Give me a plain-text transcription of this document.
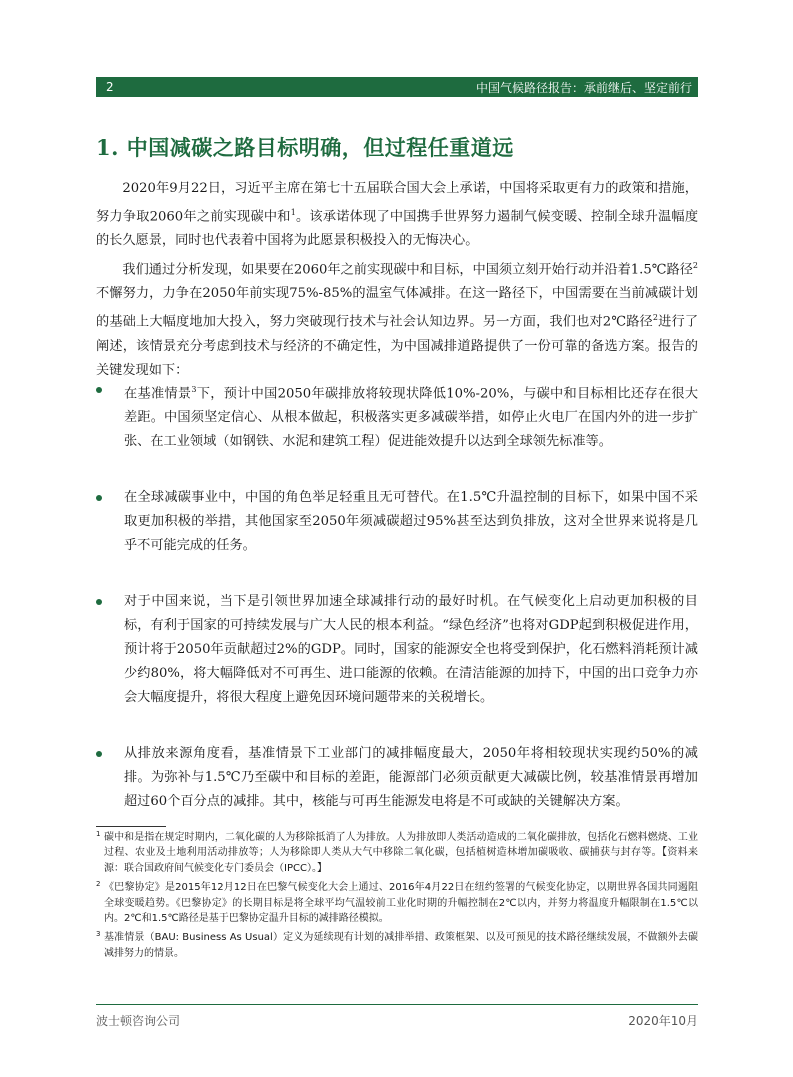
2	中国气候路径报告：承前继后、坚定前行
1. 中国减碳之路目标明确，但过程任重道远

2020年9月22日，习近平主席在第七十五届联合国大会上承诺，中国将采取更有力的政策和措施，努力争取2060年之前实现碳中和$^1$。该承诺体现了中国携手世界努力遏制气候变暖、控制全球升温幅度的长久愿景，同时也代表着中国将为此愿景积极投入的无悔决心。

我们通过分析发现，如果要在2060年之前实现碳中和目标，中国须立刻开始行动并沿着1.5℃路径$^2$不懈努力，力争在2050年前实现75%-85%的温室气体减排。在这一路径下，中国需要在当前减碳计划的基础上大幅度地加大投入，努力突破现行技术与社会认知边界。另一方面，我们也对2℃路径$^2$进行了阐述，该情景充分考虑到技术与经济的不确定性，为中国减排道路提供了一份可靠的备选方案。报告的关键发现如下：

在基准情景$^3$下，预计中国2050年碳排放将较现状降低10%-20%，与碳中和目标相比还存在很大差距。中国须坚定信心、从根本做起，积极落实更多减碳举措，如停止火电厂在国内外的进一步扩张、在工业领域（如钢铁、水泥和建筑工程）促进能效提升以达到全球领先标准等。
在全球减碳事业中，中国的角色举足轻重且无可替代。在1.5℃升温控制的目标下，如果中国不采取更加积极的举措，其他国家至2050年须减碳超过95%甚至达到负排放，这对全世界来说将是几乎不可能完成的任务。
对于中国来说，当下是引领世界加速全球减排行动的最好时机。在气候变化上启动更加积极的目标，有利于国家的可持续发展与广大人民的根本利益。“绿色经济”也将对GDP起到积极促进作用，预计将于2050年贡献超过2%的GDP。同时，国家的能源安全也将受到保护，化石燃料消耗预计减少约80%，将大幅降低对不可再生、进口能源的依赖。在清洁能源的加持下，中国的出口竞争力亦会大幅度提升，将很大程度上避免因环境问题带来的关税增长。
从排放来源角度看，基准情景下工业部门的减排幅度最大，2050年将相较现状实现约50%的减排。为弥补与1.5℃乃至碳中和目标的差距，能源部门必须贡献更大减碳比例，较基准情景再增加超过60个百分点的减排。其中，核能与可再生能源发电将是不可或缺的关键解决方案。
1 碳中和是指在规定时期内，二氧化碳的人为移除抵消了人为排放。人为排放即人类活动造成的二氧化碳排放，包括化石燃料燃烧、工业过程、农业及土地利用活动排放等；人为移除即人类从大气中移除二氧化碳，包括植树造林增加碳吸收、碳捕获与封存等。【资料来源：联合国政府间气候变化专门委员会（IPCC）。】
2 《巴黎协定》是2015年12月12日在巴黎气候变化大会上通过、2016年4月22日在纽约签署的气候变化协定，以期世界各国共同遏阻全球变暖趋势。《巴黎协定》的长期目标是将全球平均气温较前工业化时期的升幅控制在2℃以内，并努力将温度升幅限制在1.5℃以内。2℃和1.5℃路径是基于巴黎协定温升目标的减排路径模拟。
3 基准情景（BAU: Business As Usual）定义为延续现有计划的减排举措、政策框架、以及可预见的技术路径继续发展，不做额外去碳减排努力的情景。
波士顿咨询公司	2020年10月
